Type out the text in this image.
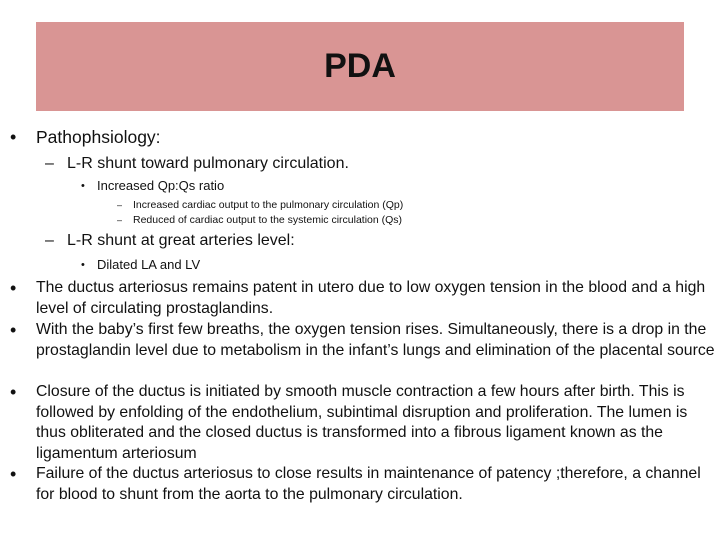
PDA
• Pathophsiology:
– L-R shunt toward pulmonary circulation.
• Increased Qp:Qs ratio
– Increased cardiac output to the pulmonary circulation (Qp)
– Reduced of cardiac output to the systemic circulation (Qs)
– L-R shunt at great arteries level:
• Dilated LA and LV
• The ductus arteriosus remains patent in utero due to low oxygen tension in the blood and a high level of circulating prostaglandins.
• With the baby’s first few breaths, the oxygen tension rises. Simultaneously, there is a drop in the prostaglandin level due to metabolism in the infant’s lungs and elimination of the placental source
• Closure of the ductus is initiated by smooth muscle contraction a few hours after birth. This is followed by enfolding of the endothelium, subintimal disruption and proliferation. The lumen is thus obliterated and the closed ductus is transformed into a fibrous ligament known as the ligamentum arteriosum
• Failure of the ductus arteriosus to close results in maintenance of patency ;therefore, a channel for blood to shunt from the aorta to the pulmonary circulation.
